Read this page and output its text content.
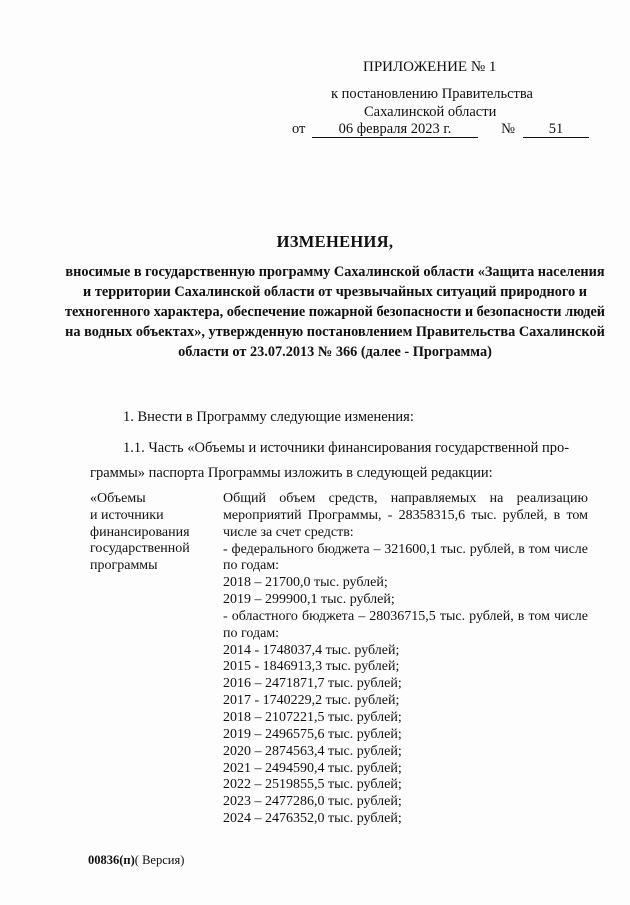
ПРИЛОЖЕНИЕ № 1
к постановлению Правительства
Сахалинской области
от 06 февраля 2023 г.	№ 51
ИЗМЕНЕНИЯ,
вносимые в государственную программу Сахалинской области «Защита населения и территории Сахалинской области от чрезвычайных ситуаций природного и техногенного характера, обеспечение пожарной безопасности и безопасности людей на водных объектах», утвержденную постановлением Правительства Сахалинской области от 23.07.2013 № 366 (далее - Программа)
1. Внести в Программу следующие изменения:
1.1. Часть «Объемы и источники финансирования государственной про-
граммы» паспорта Программы изложить в следующей редакции:
«Объемы
и источники
финансирования
государственной
программы
Общий объем средств, направляемых на реализацию мероприятий Программы, - 28358315,6 тыс. рублей, в том числе за счет средств:
- федерального бюджета – 321600,1 тыс. рублей, в том числе по годам:
2018 – 21700,0 тыс. рублей;
2019 – 299900,1 тыс. рублей;
- областного бюджета – 28036715,5 тыс. рублей, в том числе по годам:
2014 - 1748037,4 тыс. рублей;
2015 - 1846913,3 тыс. рублей;
2016 – 2471871,7 тыс. рублей;
2017 - 1740229,2 тыс. рублей;
2018 – 2107221,5 тыс. рублей;
2019 – 2496575,6 тыс. рублей;
2020 – 2874563,4 тыс. рублей;
2021 – 2494590,4 тыс. рублей;
2022 – 2519855,5 тыс. рублей;
2023 – 2477286,0 тыс. рублей;
2024 – 2476352,0 тыс. рублей;
00836(п)( Версия)
